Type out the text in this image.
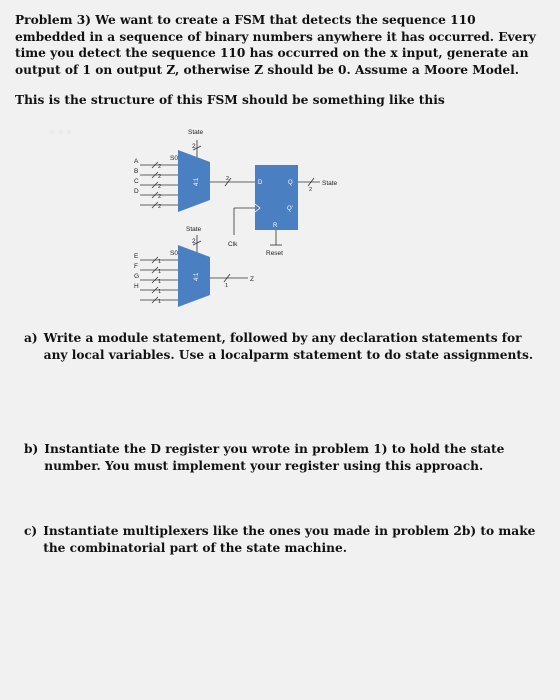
Problem 3) We want to create a FSM that detects the sequence 110 embedded in a sequence of binary numbers anywhere it has occurred. Every time you detect the sequence 110 has occurred on the x input, generate an output of 1 on output Z, otherwise Z should be 0. Assume a Moore Model.
This is the structure of this FSM should be something like this
· · ·	State
2
S0
A
B
C
D
2
2
2
2
2
2
2
State
Clk
Reset
State
2
S0
E
F
G
H
1
1
1
1
1
1
Z
4:1
4:1
D	Q
Q'
R
a) Write a module statement, followed by any declaration statements for any local variables. Use a localparm statement to do state assignments.
b) Instantiate the D register you wrote in problem 1) to hold the state number. You must implement your register using this approach.
c) Instantiate multiplexers like the ones you made in problem 2b) to make the combinatorial part of the state machine.
